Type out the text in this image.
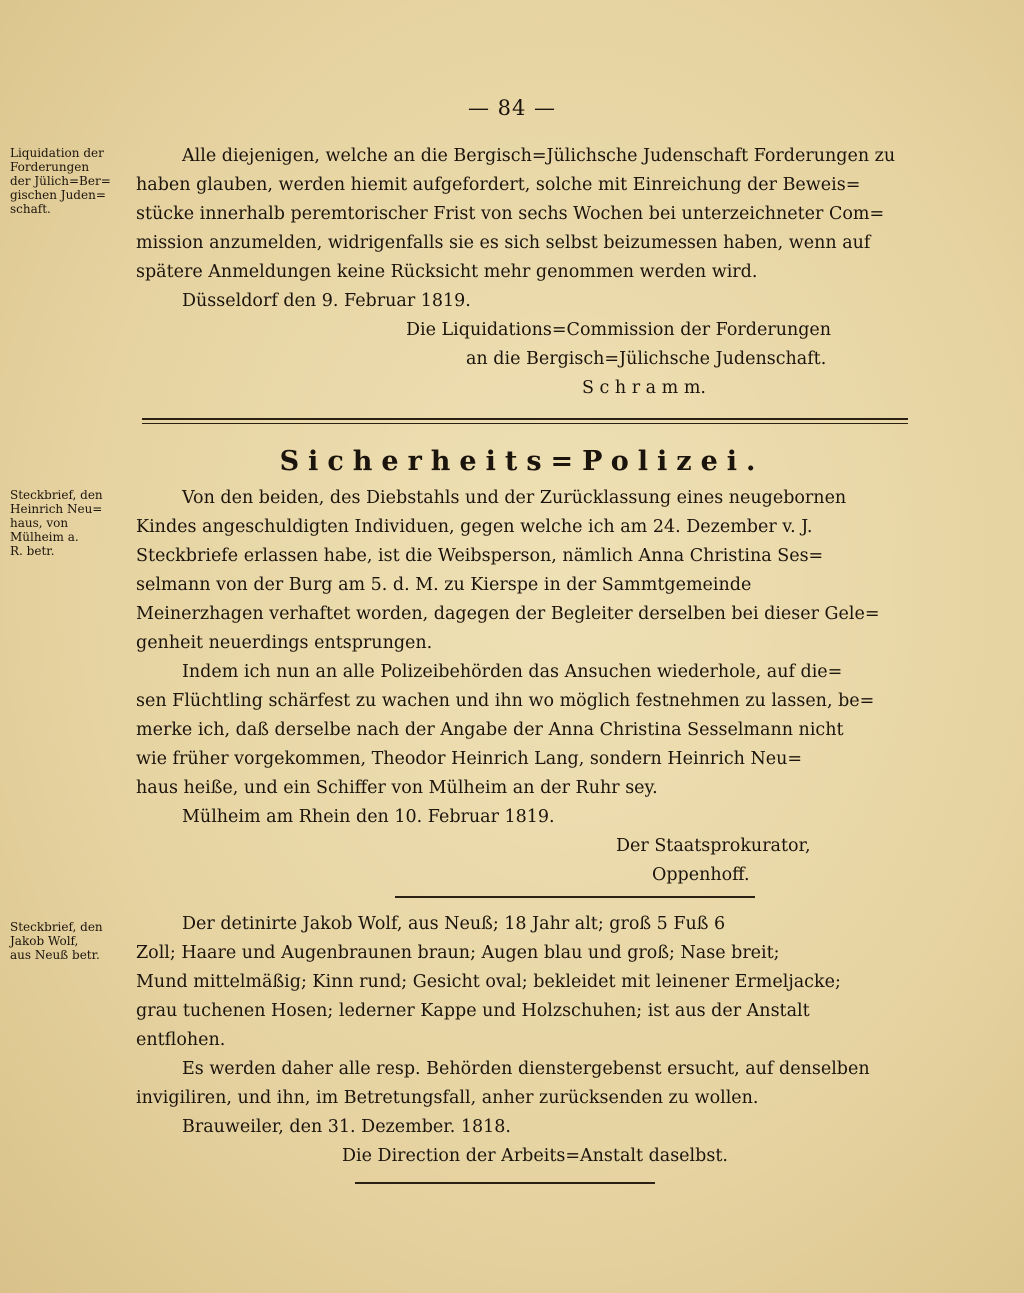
— 84 —
Liquidation der
Forderungen
der Jülich=Ber=
gischen Juden=
schaft.
Alle diejenigen, welche an die Bergisch=Jülichsche Judenschaft Forderungen zu
haben glauben, werden hiemit aufgefordert, solche mit Einreichung der Beweis=
stücke innerhalb peremtorischer Frist von sechs Wochen bei unterzeichneter Com=
mission anzumelden, widrigenfalls sie es sich selbst beizumessen haben, wenn auf
spätere Anmeldungen keine Rücksicht mehr genommen werden wird.
Düsseldorf den 9. Februar 1819.
Die Liquidations=Commission der Forderungen
an die Bergisch=Jülichsche Judenschaft.
S c h r a m m.
Sicherheits=Polizei.
Steckbrief, den
Heinrich Neu=
haus, von
Mülheim a.
R. betr.
Von den beiden, des Diebstahls und der Zurücklassung eines neugebornen
Kindes angeschuldigten Individuen, gegen welche ich am 24. Dezember v. J.
Steckbriefe erlassen habe, ist die Weibsperson, nämlich Anna Christina Ses=
selmann von der Burg am 5. d. M. zu Kierspe in der Sammtgemeinde
Meinerzhagen verhaftet worden, dagegen der Begleiter derselben bei dieser Gele=
genheit neuerdings entsprungen.
Indem ich nun an alle Polizeibehörden das Ansuchen wiederhole, auf die=
sen Flüchtling schärfest zu wachen und ihn wo möglich festnehmen zu lassen, be=
merke ich, daß derselbe nach der Angabe der Anna Christina Sesselmann nicht
wie früher vorgekommen, Theodor Heinrich Lang, sondern Heinrich Neu=
haus heiße, und ein Schiffer von Mülheim an der Ruhr sey.
Mülheim am Rhein den 10. Februar 1819.
Der Staatsprokurator,
Oppenhoff.
Steckbrief, den
Jakob Wolf,
aus Neuß betr.
Der detinirte Jakob Wolf, aus Neuß; 18 Jahr alt; groß 5 Fuß 6
Zoll; Haare und Augenbraunen braun; Augen blau und groß; Nase breit;
Mund mittelmäßig; Kinn rund; Gesicht oval; bekleidet mit leinener Ermeljacke;
grau tuchenen Hosen; lederner Kappe und Holzschuhen; ist aus der Anstalt
entflohen.
Es werden daher alle resp. Behörden dienstergebenst ersucht, auf denselben
invigiliren, und ihn, im Betretungsfall, anher zurücksenden zu wollen.
Brauweiler, den 31. Dezember. 1818.
Die Direction der Arbeits=Anstalt daselbst.
